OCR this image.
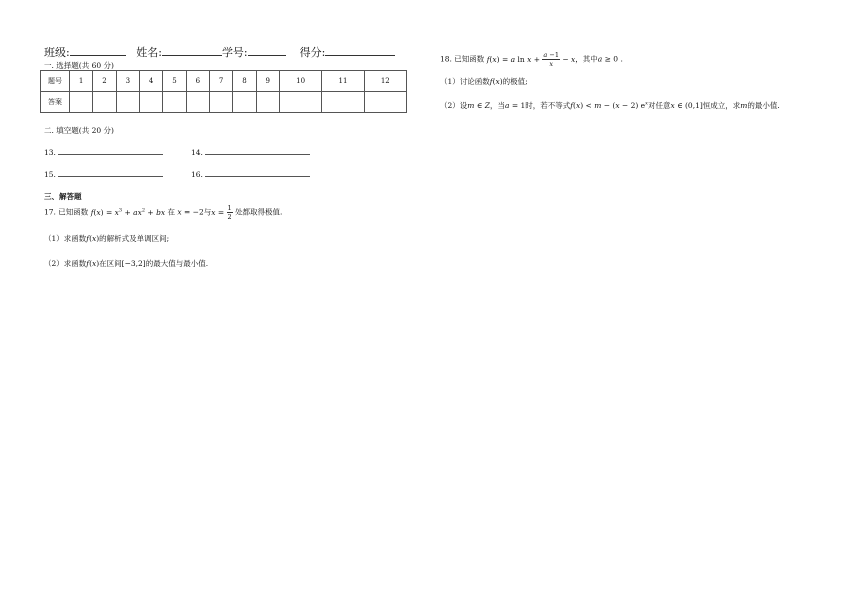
班级:	姓名:	学号:	得分:
一. 选择题(共 60 分)
题号	1	2	3	4	5	6	7	8	9	10	11	12
答案												
二. 填空题(共 20 分)
13.	14.
15.	16.
三、解答题
17. 已知函数 $f(x) = x^3 + ax^2$ + bx 在 x = −2与$x = \frac{1}{2}$ 处都取得极值.
（1）求函数f(x)的解析式及单调区间;
（2）求函数f(x)在区间[−3,2]的最大值与最小值.
18. 已知函数 f(x) = a $\ln x + \frac{a -1}{x} - x$，其中a ≥ 0 .
（1）讨论函数f(x)的极值;
（2）设m ∈ Z，当a = 1时，若不等式f(x) < m − (x − 2) $e^x$对任意x ∈ (0,1]恒成立，求m的最小值.
